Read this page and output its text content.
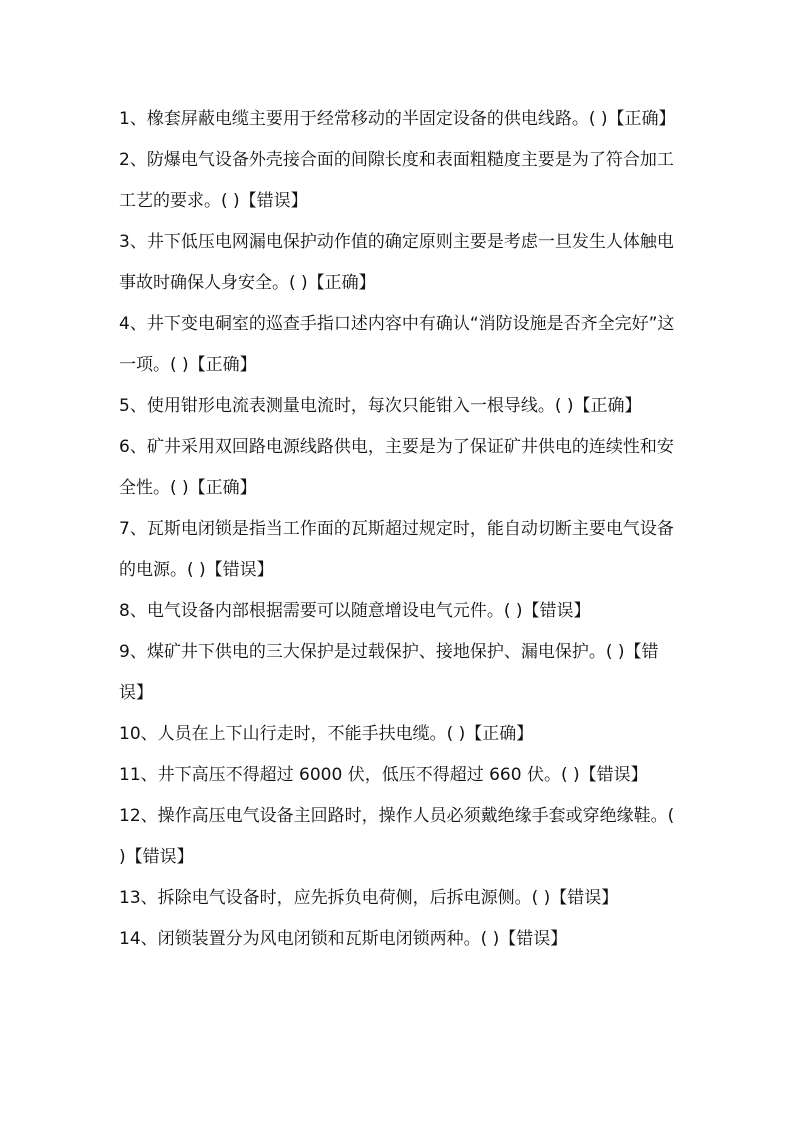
1、橡套屏蔽电缆主要用于经常移动的半固定设备的供电线路。( )【正确】

2、防爆电气设备外壳接合面的间隙长度和表面粗糙度主要是为了符合加工工艺的要求。( )【错误】

3、井下低压电网漏电保护动作值的确定原则主要是考虑一旦发生人体触电事故时确保人身安全。( )【正确】

4、井下变电硐室的巡查手指口述内容中有确认“消防设施是否齐全完好”这一项。( )【正确】

5、使用钳形电流表测量电流时，每次只能钳入一根导线。( )【正确】

6、矿井采用双回路电源线路供电，主要是为了保证矿井供电的连续性和安全性。( )【正确】

7、瓦斯电闭锁是指当工作面的瓦斯超过规定时，能自动切断主要电气设备的电源。( )【错误】

8、电气设备内部根据需要可以随意增设电气元件。( )【错误】

9、煤矿井下供电的三大保护是过载保护、接地保护、漏电保护。( )【错误】

10、人员在上下山行走时，不能手扶电缆。( )【正确】

11、井下高压不得超过 6000 伏，低压不得超过 660 伏。( )【错误】

12、操作高压电气设备主回路时，操作人员必须戴绝缘手套或穿绝缘鞋。( )【错误】

13、拆除电气设备时，应先拆负电荷侧，后拆电源侧。( )【错误】

14、闭锁装置分为风电闭锁和瓦斯电闭锁两种。( )【错误】
